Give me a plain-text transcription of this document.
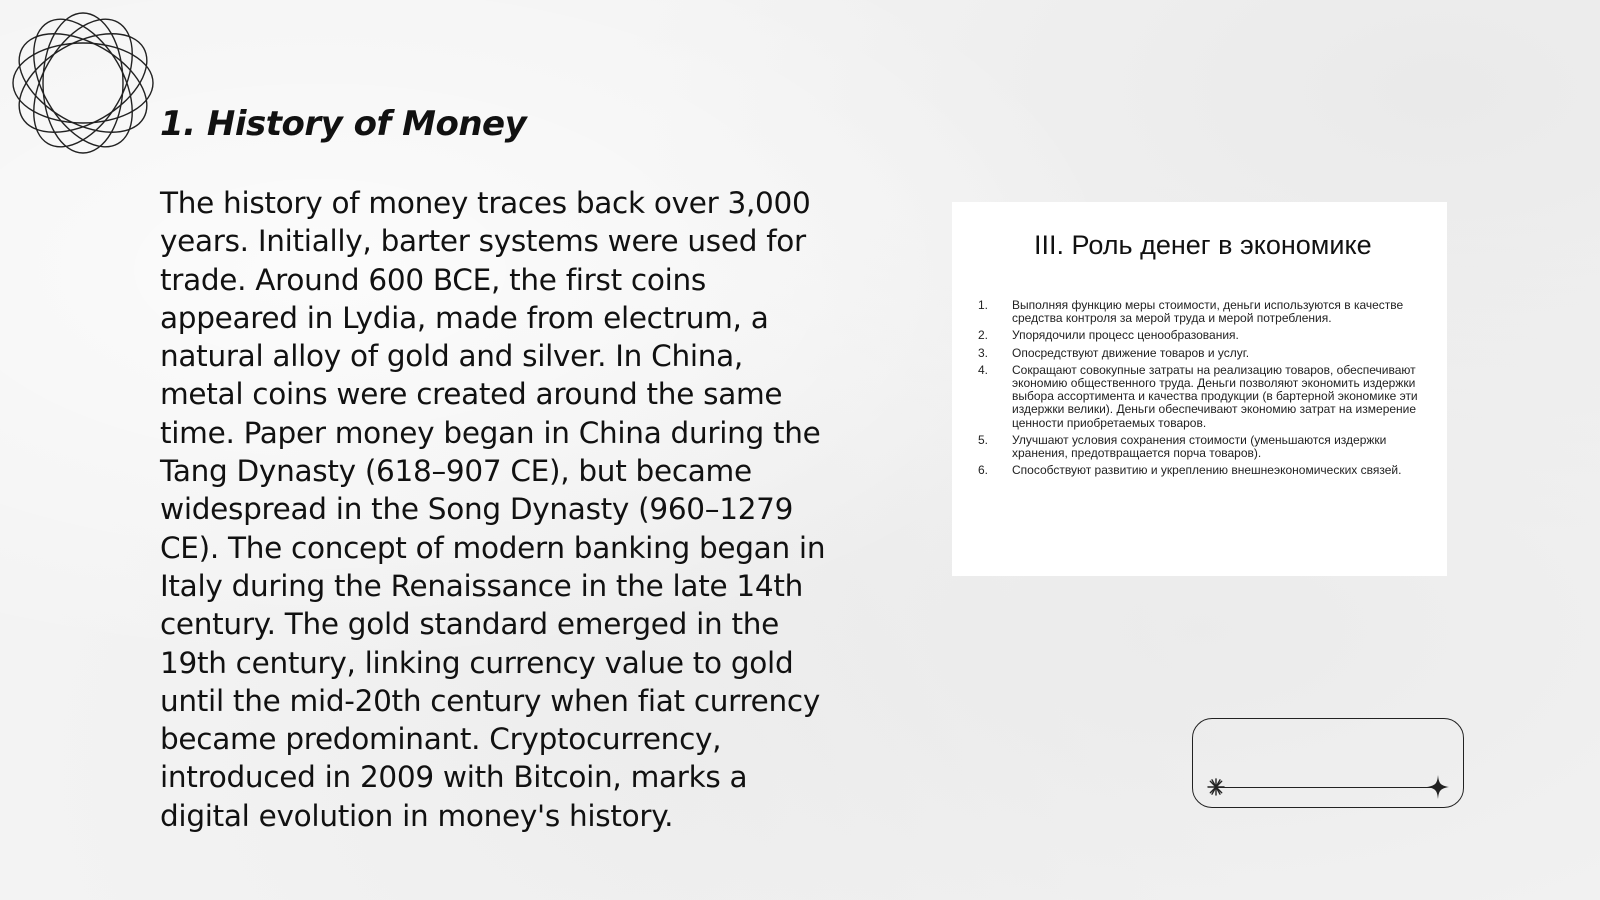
1. History of Money

The history of money traces back over 3,000 years. Initially, barter systems were used for trade. Around 600 BCE, the first coins appeared in Lydia, made from electrum, a natural alloy of gold and silver. In China, metal coins were created around the same time. Paper money began in China during the Tang Dynasty (618–907 CE), but became widespread in the Song Dynasty (960–1279 CE). The concept of modern banking began in Italy during the Renaissance in the late 14th century. The gold standard emerged in the 19th century, linking currency value to gold until the mid-20th century when fiat currency became predominant. Cryptocurrency, introduced in 2009 with Bitcoin, marks a digital evolution in money's history.

III. Роль денег в экономике
1.	Выполняя функцию меры стоимости, деньги используются в качестве средства контроля за мерой труда и мерой потребления.
2.	Упорядочили процесс ценообразования.
3.	Опосредствуют движение товаров и услуг.
4.	Сокращают совокупные затраты на реализацию товаров, обеспечивают экономию общественного труда. Деньги позволяют экономить издержки выбора ассортимента и качества продукции (в бартерной экономике эти издержки велики). Деньги обеспечивают экономию затрат на измерение ценности приобретаемых товаров.
5.	Улучшают условия сохранения стоимости (уменьшаются издержки хранения, предотвращается порча товаров).
6.	Способствуют развитию и укреплению внешнеэкономических связей.
